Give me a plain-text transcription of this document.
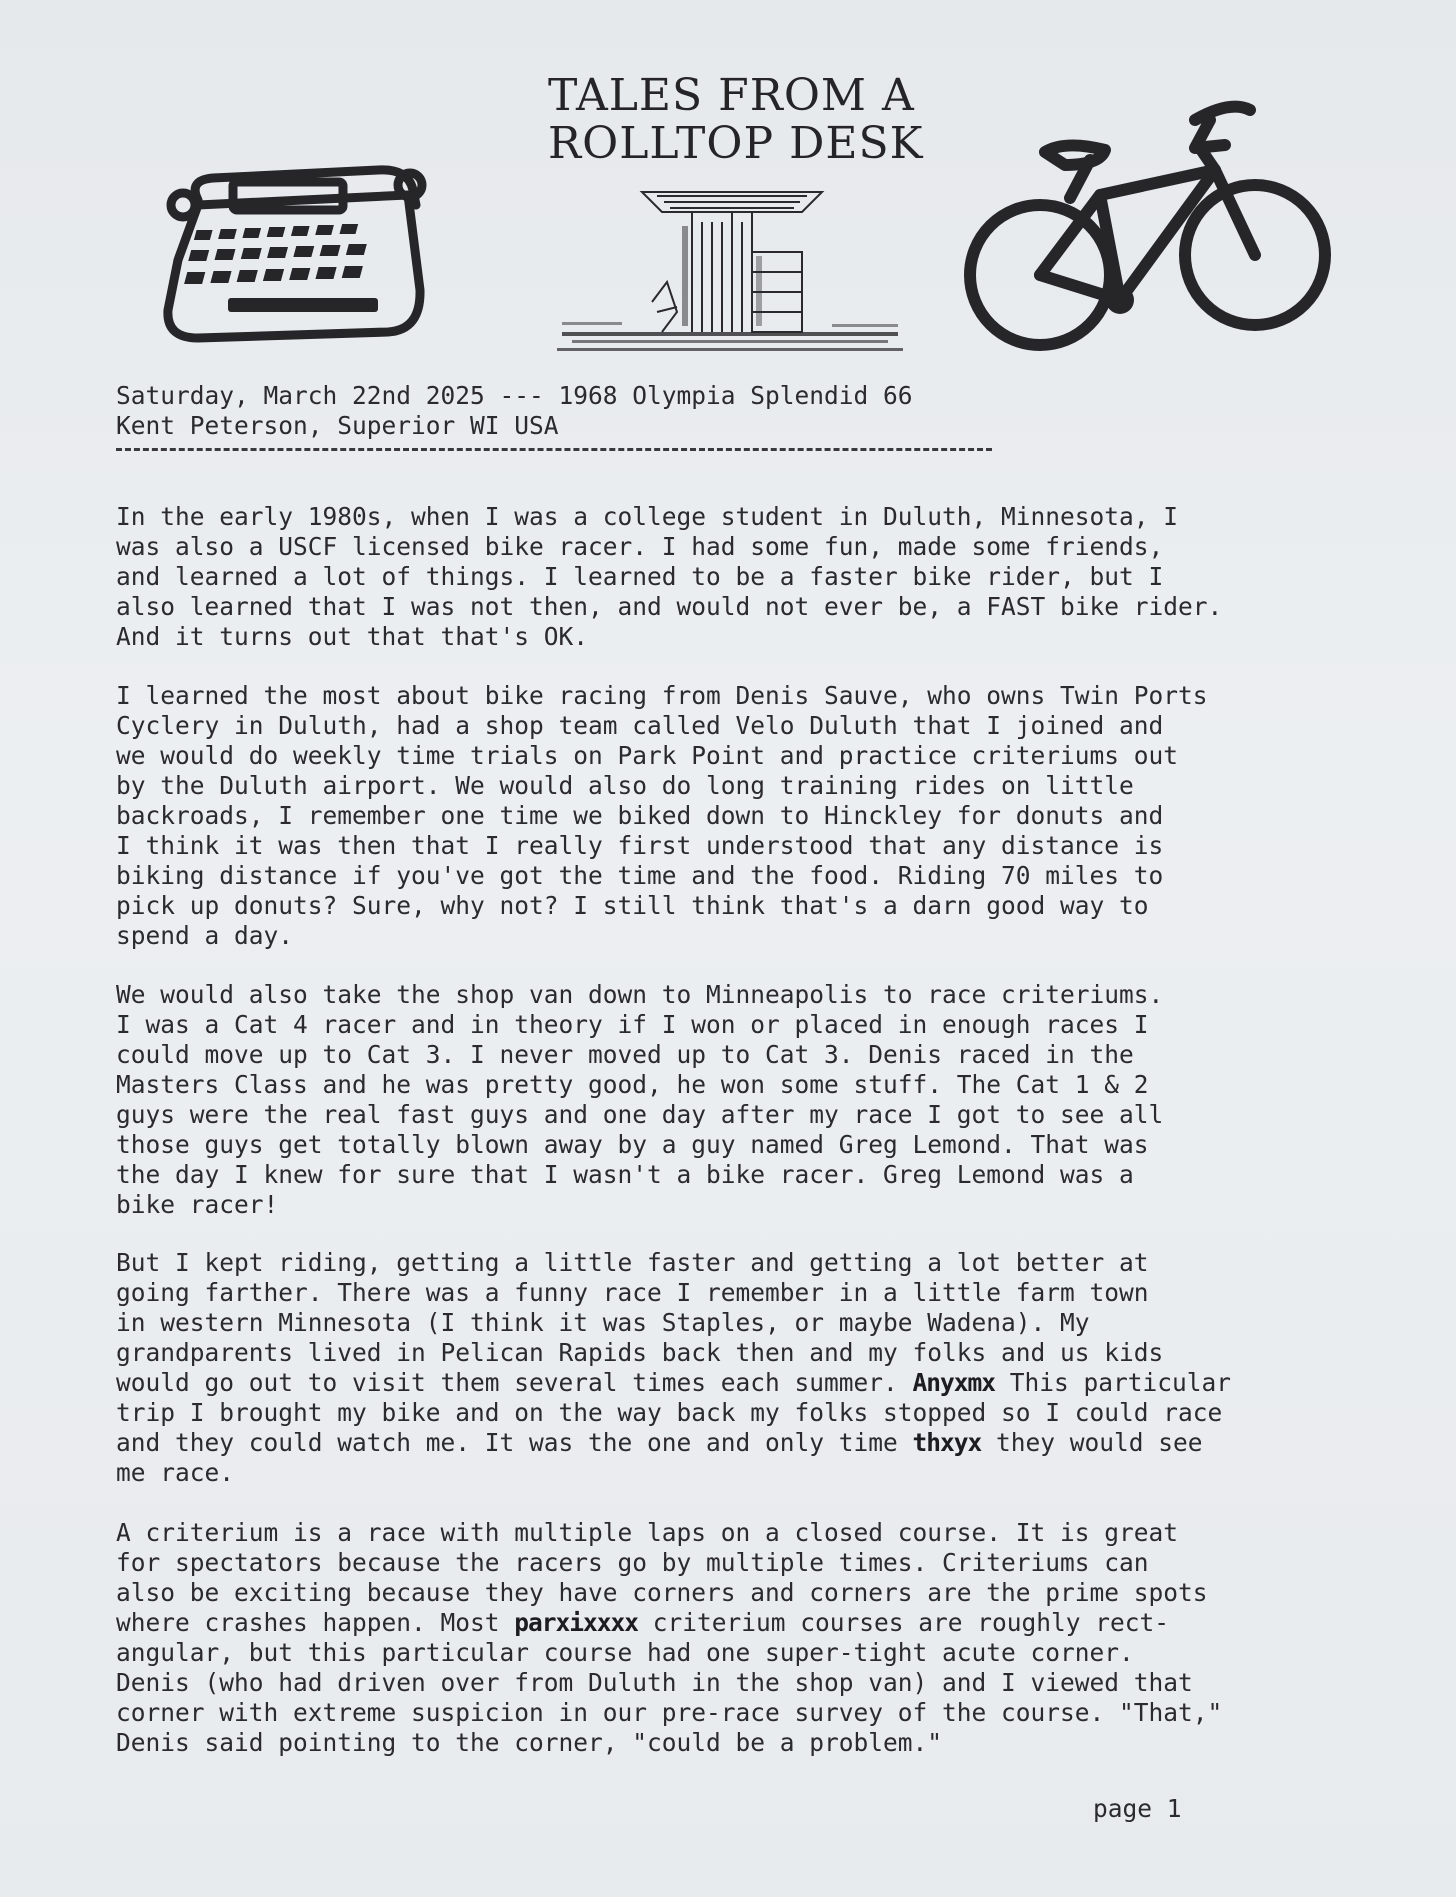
TALES FROM A
ROLLTOP DESK
Saturday, March 22nd 2025 --- 1968 Olympia Splendid 66
Kent Peterson, Superior WI USA

In the early 1980s, when I was a college student in Duluth, Minnesota, I
was also a USCF licensed bike racer. I had some fun, made some friends,
and learned a lot of things. I learned to be a faster bike rider, but I
also learned that I was not then, and would not ever be, a FAST bike rider.
And it turns out that that's OK.

I learned the most about bike racing from Denis Sauve, who owns Twin Ports
Cyclery in Duluth, had a shop team called Velo Duluth that I joined and
we would do weekly time trials on Park Point and practice criteriums out
by the Duluth airport. We would also do long training rides on little
backroads, I remember one time we biked down to Hinckley for donuts and
I think it was then that I really first understood that any distance is
biking distance if you've got the time and the food. Riding 70 miles to
pick up donuts? Sure, why not? I still think that's a darn good way to
spend a day.

We would also take the shop van down to Minneapolis to race criteriums.
I was a Cat 4 racer and in theory if I won or placed in enough races I
could move up to Cat 3. I never moved up to Cat 3. Denis raced in the
Masters Class and he was pretty good, he won some stuff. The Cat 1 & 2
guys were the real fast guys and one day after my race I got to see all
those guys get totally blown away by a guy named Greg Lemond. That was
the day I knew for sure that I wasn't a bike racer. Greg Lemond was a
bike racer!

But I kept riding, getting a little faster and getting a lot better at
going farther. There was a funny race I remember in a little farm town
in western Minnesota (I think it was Staples, or maybe Wadena). My
grandparents lived in Pelican Rapids back then and my folks and us kids
would go out to visit them several times each summer. Anyxmx This particular
trip I brought my bike and on the way back my folks stopped so I could race
and they could watch me. It was the one and only time thxyx they would see
me race.

A criterium is a race with multiple laps on a closed course. It is great
for spectators because the racers go by multiple times. Criteriums can
also be exciting because they have corners and corners are the prime spots
where crashes happen. Most parxixxxx criterium courses are roughly rect-
angular, but this particular course had one super-tight acute corner.
Denis (who had driven over from Duluth in the shop van) and I viewed that
corner with extreme suspicion in our pre-race survey of the course. "That,"
Denis said pointing to the corner, "could be a problem."

page 1
